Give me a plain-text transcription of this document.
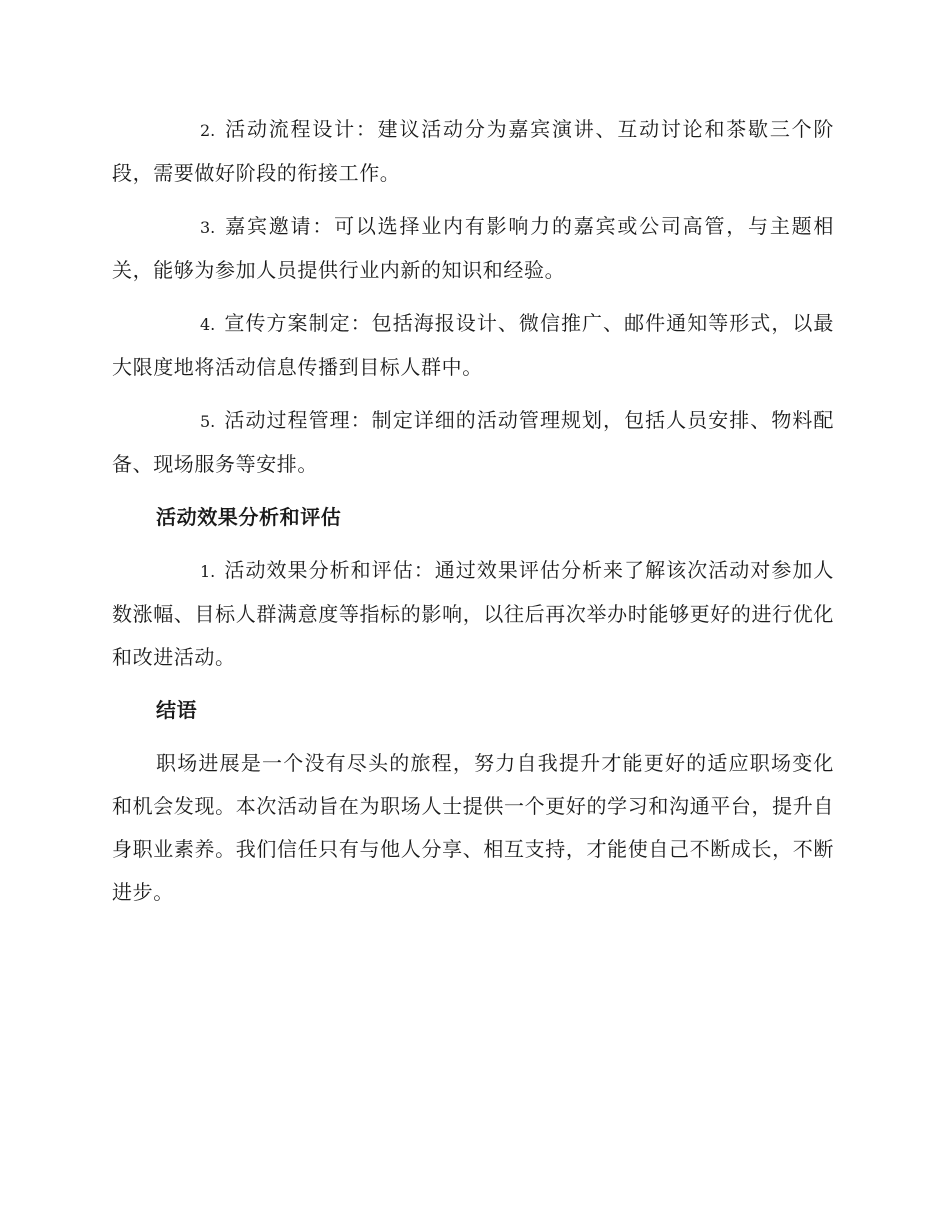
2. 活动流程设计：建议活动分为嘉宾演讲、互动讨论和茶歇三个阶段，需要做好阶段的衔接工作。

3. 嘉宾邀请：可以选择业内有影响力的嘉宾或公司高管，与主题相关，能够为参加人员提供行业内新的知识和经验。

4. 宣传方案制定：包括海报设计、微信推广、邮件通知等形式，以最大限度地将活动信息传播到目标人群中。

5. 活动过程管理：制定详细的活动管理规划，包括人员安排、物料配备、现场服务等安排。

活动效果分析和评估

1. 活动效果分析和评估：通过效果评估分析来了解该次活动对参加人数涨幅、目标人群满意度等指标的影响，以往后再次举办时能够更好的进行优化和改进活动。

结语

职场进展是一个没有尽头的旅程，努力自我提升才能更好的适应职场变化和机会发现。本次活动旨在为职场人士提供一个更好的学习和沟通平台，提升自身职业素养。我们信任只有与他人分享、相互支持，才能使自己不断成长，不断进步。
